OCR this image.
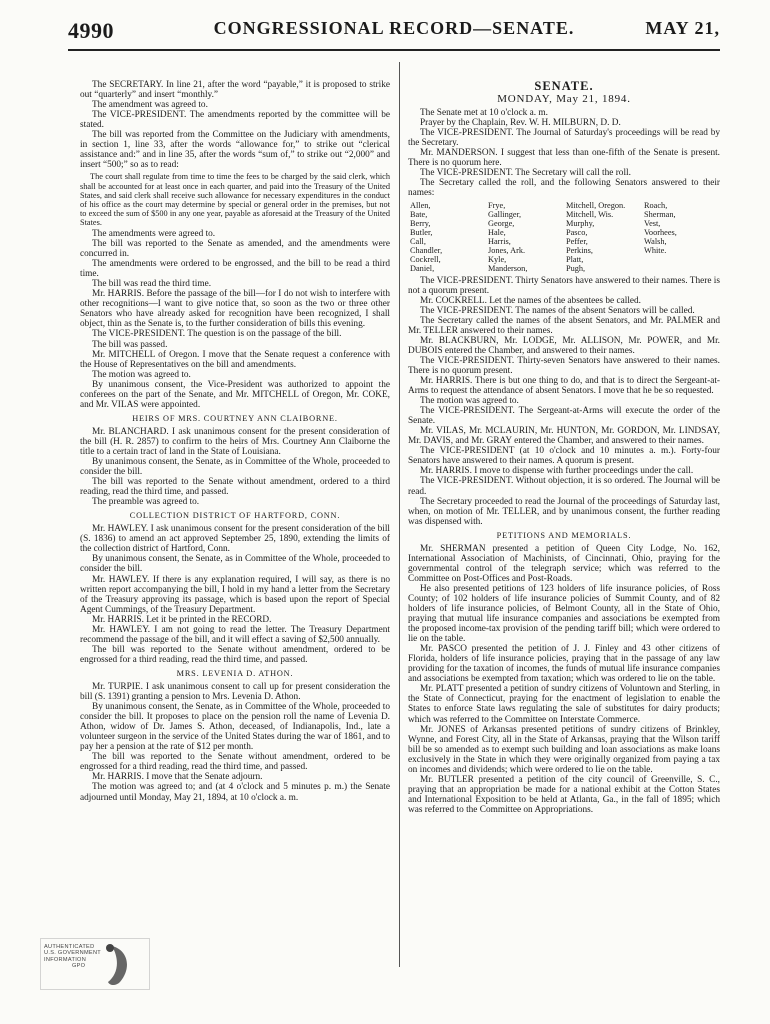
4990	CONGRESSIONAL RECORD—SENATE.	MAY 21,
The SECRETARY. In line 21, after the word “payable,” it is proposed to strike out “quarterly” and insert “monthly.”
The amendment was agreed to.
The VICE-PRESIDENT. The amendments reported by the committee will be stated.
The bill was reported from the Committee on the Judiciary with amendments, in section 1, line 33, after the words “allowance for,” to strike out “clerical assistance and:” and in line 35, after the words “sum of,” to strike out “2,000” and insert “500;” so as to read:
The court shall regulate from time to time the fees to be charged by the said clerk, which shall be accounted for at least once in each quarter, and paid into the Treasury of the United States, and said clerk shall receive such allowance for necessary expenditures in the conduct of his office as the court may determine by special or general order in the premises, but not to exceed the sum of $500 in any one year, payable as aforesaid at the Treasury of the United States.
The amendments were agreed to.
The bill was reported to the Senate as amended, and the amendments were concurred in.
The amendments were ordered to be engrossed, and the bill to be read a third time.
The bill was read the third time.
Mr. HARRIS. Before the passage of the bill—for I do not wish to interfere with other recognitions—I want to give notice that, so soon as the two or three other Senators who have already asked for recognition have been recognized, I shall object, thin as the Senate is, to the further consideration of bills this evening.
The VICE-PRESIDENT. The question is on the passage of the bill.
The bill was passed.
Mr. MITCHELL of Oregon. I move that the Senate request a conference with the House of Representatives on the bill and amendments.
The motion was agreed to.
By unanimous consent, the Vice-President was authorized to appoint the conferees on the part of the Senate, and Mr. MITCHELL of Oregon, Mr. COKE, and Mr. VILAS were appointed.
HEIRS OF MRS. COURTNEY ANN CLAIBORNE.
Mr. BLANCHARD. I ask unanimous consent for the present consideration of the bill (H. R. 2857) to confirm to the heirs of Mrs. Courtney Ann Claiborne the title to a certain tract of land in the State of Louisiana.
By unanimous consent, the Senate, as in Committee of the Whole, proceeded to consider the bill.
The bill was reported to the Senate without amendment, ordered to a third reading, read the third time, and passed.
The preamble was agreed to.
COLLECTION DISTRICT OF HARTFORD, CONN.
Mr. HAWLEY. I ask unanimous consent for the present consideration of the bill (S. 1836) to amend an act approved September 25, 1890, extending the limits of the collection district of Hartford, Conn.
By unanimous consent, the Senate, as in Committee of the Whole, proceeded to consider the bill.
Mr. HAWLEY. If there is any explanation required, I will say, as there is no written report accompanying the bill, I hold in my hand a letter from the Secretary of the Treasury approving its passage, which is based upon the report of Special Agent Cummings, of the Treasury Department.
Mr. HARRIS. Let it be printed in the RECORD.
Mr. HAWLEY. I am not going to read the letter. The Treasury Department recommend the passage of the bill, and it will effect a saving of $2,500 annually.
The bill was reported to the Senate without amendment, ordered to be engrossed for a third reading, read the third time, and passed.
MRS. LEVENIA D. ATHON.
Mr. TURPIE. I ask unanimous consent to call up for present consideration the bill (S. 1391) granting a pension to Mrs. Levenia D. Athon.
By unanimous consent, the Senate, as in Committee of the Whole, proceeded to consider the bill. It proposes to place on the pension roll the name of Levenia D. Athon, widow of Dr. James S. Athon, deceased, of Indianapolis, Ind., late a volunteer surgeon in the service of the United States during the war of 1861, and to pay her a pension at the rate of $12 per month.
The bill was reported to the Senate without amendment, ordered to be engrossed for a third reading, read the third time, and passed.
Mr. HARRIS. I move that the Senate adjourn.
The motion was agreed to; and (at 4 o'clock and 5 minutes p. m.) the Senate adjourned until Monday, May 21, 1894, at 10 o'clock a. m.
SENATE.
MONDAY, May 21, 1894.
The Senate met at 10 o'clock a. m.
Prayer by the Chaplain, Rev. W. H. MILBURN, D. D.
The VICE-PRESIDENT. The Journal of Saturday's proceedings will be read by the Secretary.
Mr. MANDERSON. I suggest that less than one-fifth of the Senate is present. There is no quorum here.
The VICE-PRESIDENT. The Secretary will call the roll.
The Secretary called the roll, and the following Senators answered to their names:
Allen,
Bate,
Berry,
Butler,
Call,
Chandler,
Cockrell,
Daniel,
Frye,
Gallinger,
George,
Hale,
Harris,
Jones, Ark.
Kyle,
Manderson,
Mitchell, Oregon.
Mitchell, Wis.
Murphy,
Pasco,
Peffer,
Perkins,
Platt,
Pugh,
Roach,
Sherman,
Vest,
Voorhees,
Walsh,
White.
The VICE-PRESIDENT. Thirty Senators have answered to their names. There is not a quorum present.
Mr. COCKRELL. Let the names of the absentees be called.
The VICE-PRESIDENT. The names of the absent Senators will be called.
The Secretary called the names of the absent Senators, and Mr. PALMER and Mr. TELLER answered to their names.
Mr. BLACKBURN, Mr. LODGE, Mr. ALLISON, Mr. POWER, and Mr. DUBOIS entered the Chamber, and answered to their names.
The VICE-PRESIDENT. Thirty-seven Senators have answered to their names. There is no quorum present.
Mr. HARRIS. There is but one thing to do, and that is to direct the Sergeant-at-Arms to request the attendance of absent Senators. I move that he be so requested.
The motion was agreed to.
The VICE-PRESIDENT. The Sergeant-at-Arms will execute the order of the Senate.
Mr. VILAS, Mr. MCLAURIN, Mr. HUNTON, Mr. GORDON, Mr. LINDSAY, Mr. DAVIS, and Mr. GRAY entered the Chamber, and answered to their names.
The VICE-PRESIDENT (at 10 o'clock and 10 minutes a. m.). Forty-four Senators have answered to their names. A quorum is present.
Mr. HARRIS. I move to dispense with further proceedings under the call.
The VICE-PRESIDENT. Without objection, it is so ordered. The Journal will be read.
The Secretary proceeded to read the Journal of the proceedings of Saturday last, when, on motion of Mr. TELLER, and by unanimous consent, the further reading was dispensed with.
PETITIONS AND MEMORIALS.
Mr. SHERMAN presented a petition of Queen City Lodge, No. 162, International Association of Machinists, of Cincinnati, Ohio, praying for the governmental control of the telegraph service; which was referred to the Committee on Post-Offices and Post-Roads.
He also presented petitions of 123 holders of life insurance policies, of Ross County; of 102 holders of life insurance policies of Summit County, and of 82 holders of life insurance policies, of Belmont County, all in the State of Ohio, praying that mutual life insurance companies and associations be exempted from the proposed income-tax provision of the pending tariff bill; which were ordered to lie on the table.
Mr. PASCO presented the petition of J. J. Finley and 43 other citizens of Florida, holders of life insurance policies, praying that in the passage of any law providing for the taxation of incomes, the funds of mutual life insurance companies and associations be exempted from taxation; which was ordered to lie on the table.
Mr. PLATT presented a petition of sundry citizens of Voluntown and Sterling, in the State of Connecticut, praying for the enactment of legislation to enable the States to enforce State laws regulating the sale of substitutes for dairy products; which was referred to the Committee on Interstate Commerce.
Mr. JONES of Arkansas presented petitions of sundry citizens of Brinkley, Wynne, and Forest City, all in the State of Arkansas, praying that the Wilson tariff bill be so amended as to exempt such building and loan associations as make loans exclusively in the State in which they were originally organized from paying a tax on incomes and dividends; which were ordered to lie on the table.
Mr. BUTLER presented a petition of the city council of Greenville, S. C., praying that an appropriation be made for a national exhibit at the Cotton States and International Exposition to be held at Atlanta, Ga., in the fall of 1895; which was referred to the Committee on Appropriations.
AUTHENTICATED
U.S. GOVERNMENT
INFORMATION
GPO
